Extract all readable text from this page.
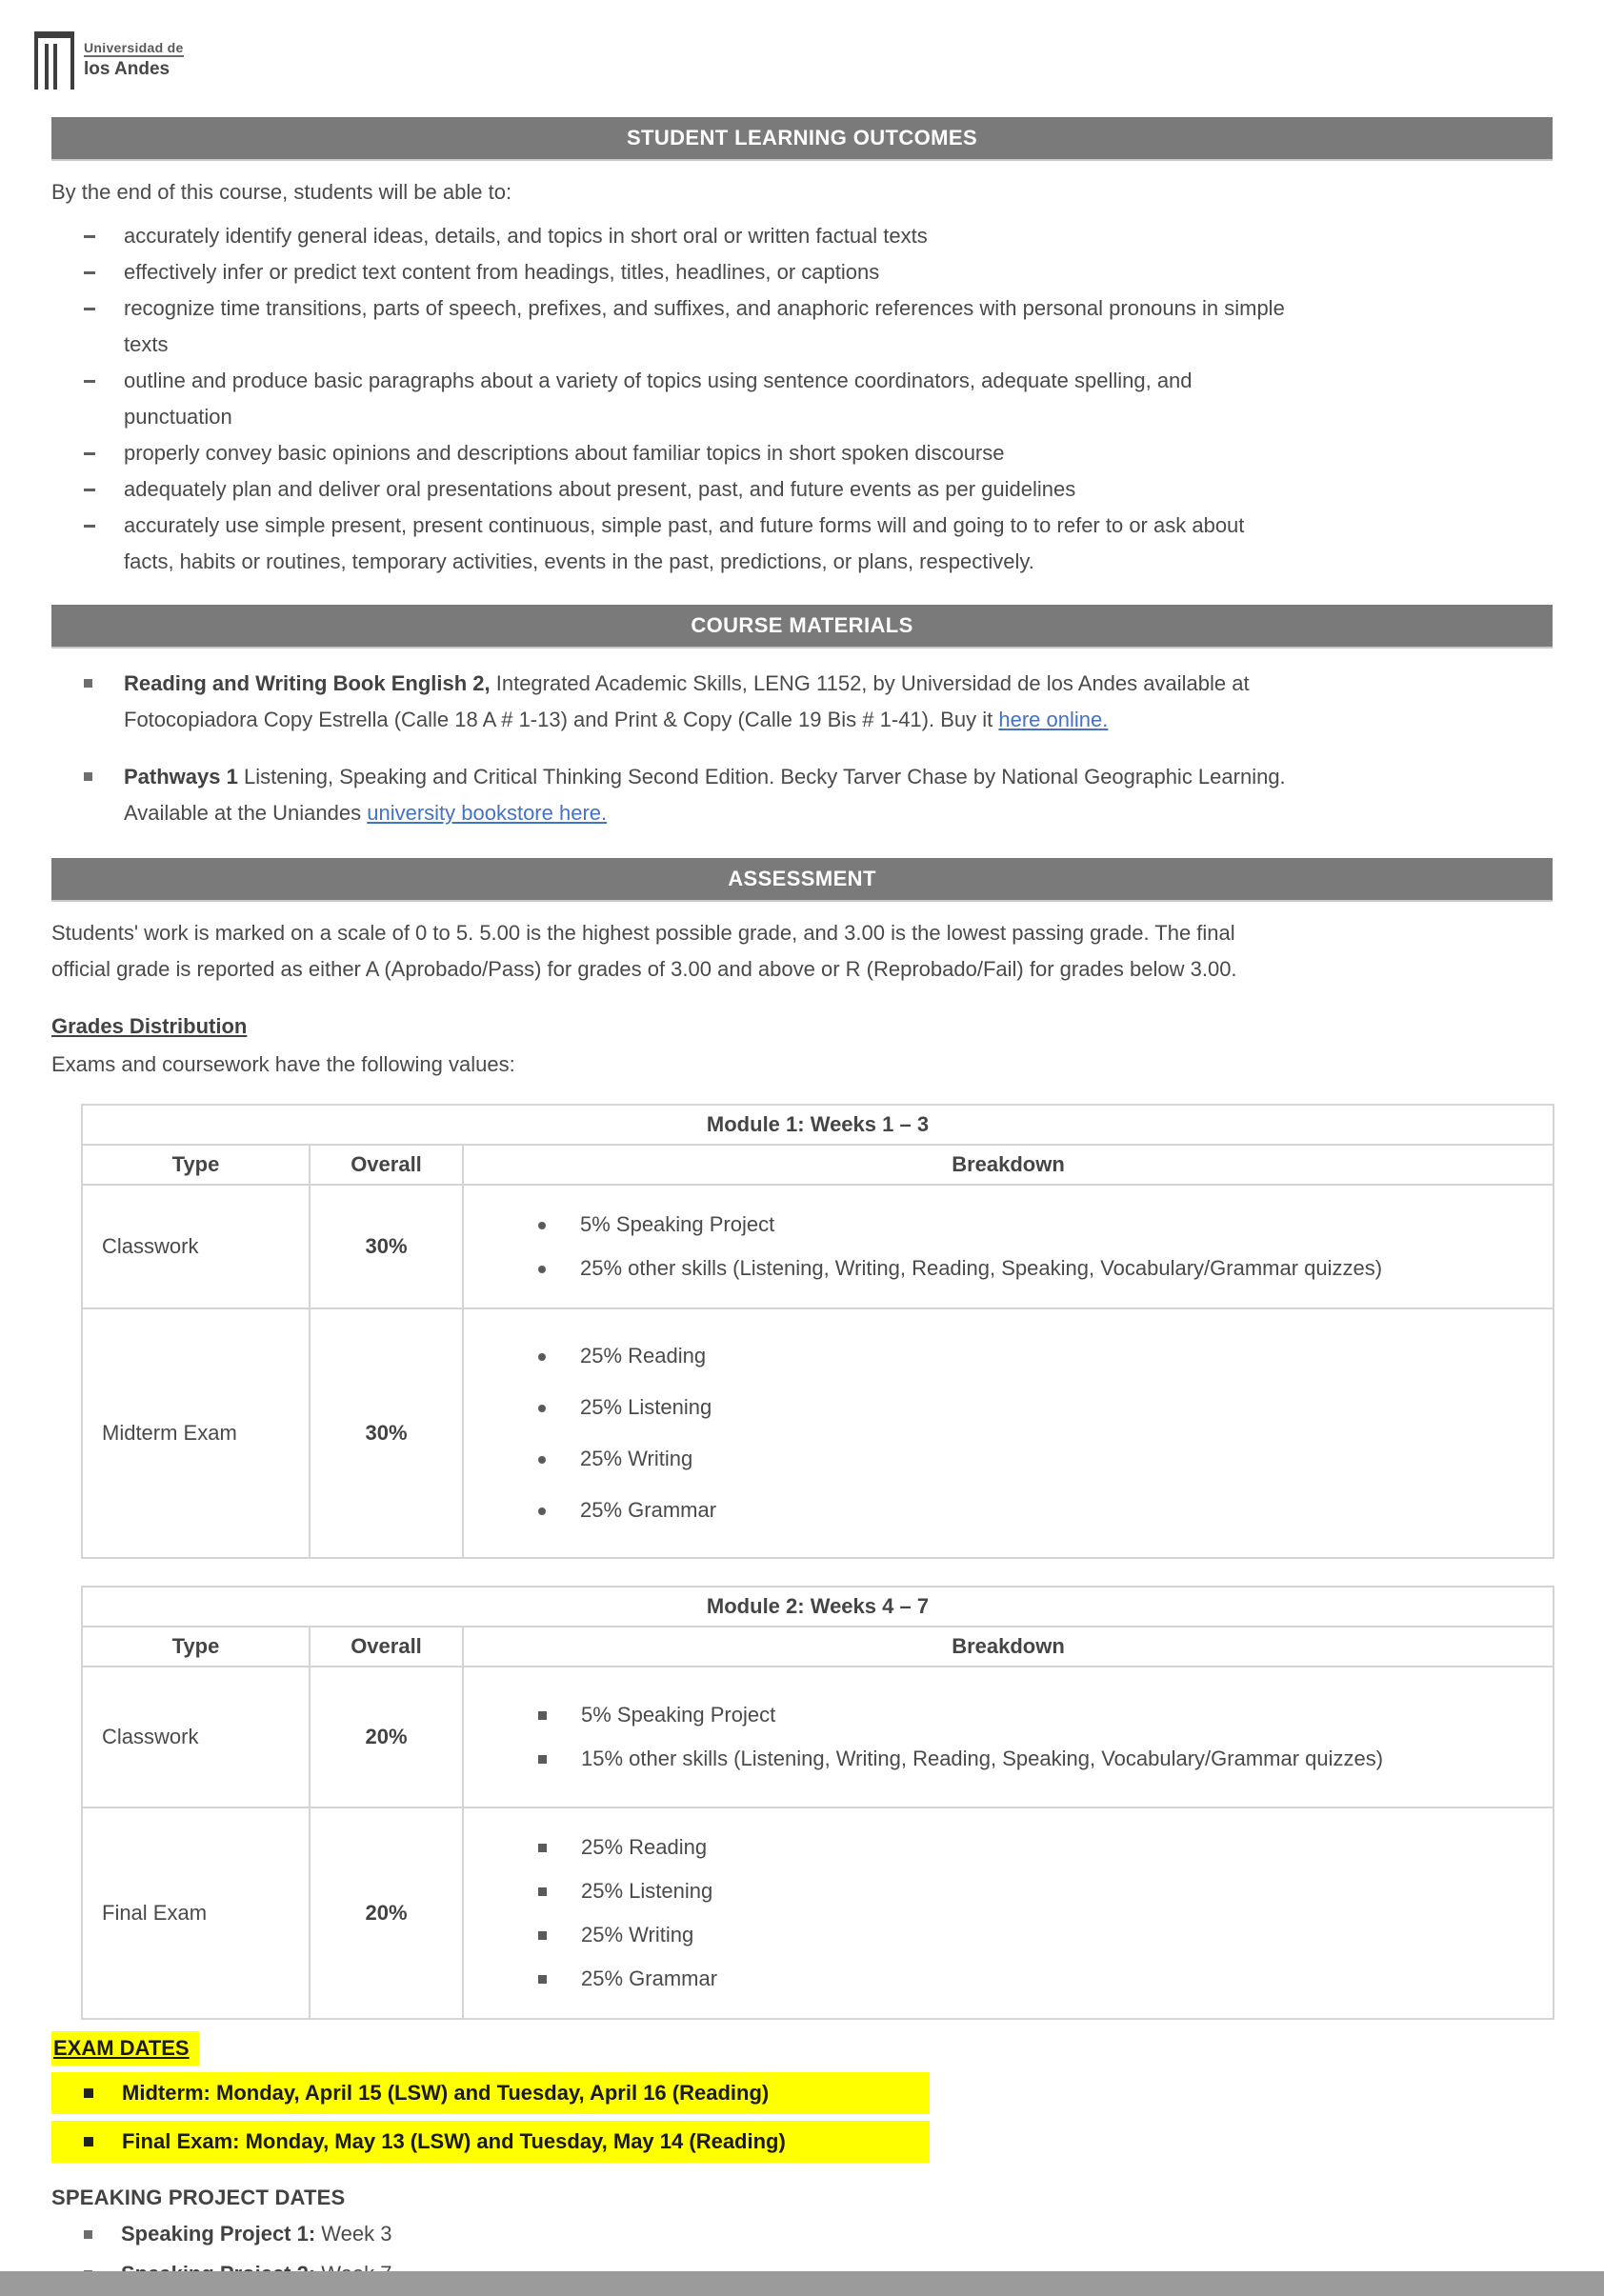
Universidad de
los Andes
STUDENT LEARNING OUTCOMES

By the end of this course, students will be able to:

accurately identify general ideas, details, and topics in short oral or written factual texts
effectively infer or predict text content from headings, titles, headlines, or captions
recognize time transitions, parts of speech, prefixes, and suffixes, and anaphoric references with personal pronouns in simple texts
outline and produce basic paragraphs about a variety of topics using sentence coordinators, adequate spelling, and punctuation
properly convey basic opinions and descriptions about familiar topics in short spoken discourse
adequately plan and deliver oral presentations about present, past, and future events as per guidelines
accurately use simple present, present continuous, simple past, and future forms will and going to to refer to or ask about facts, habits or routines, temporary activities, events in the past, predictions, or plans, respectively.
COURSE MATERIALS
Reading and Writing Book English 2, Integrated Academic Skills, LENG 1152, by Universidad de los Andes available at Fotocopiadora Copy Estrella (Calle 18 A # 1-13) and Print & Copy (Calle 19 Bis # 1-41). Buy it here online.
Pathways 1 Listening, Speaking and Critical Thinking Second Edition. Becky Tarver Chase by National Geographic Learning. Available at the Uniandes university bookstore here.
ASSESSMENT

Students' work is marked on a scale of 0 to 5. 5.00 is the highest possible grade, and 3.00 is the lowest passing grade. The final official grade is reported as either A (Aprobado/Pass) for grades of 3.00 and above or R (Reprobado/Fail) for grades below 3.00.

Grades Distribution

Exams and coursework have the following values:

Module 1: Weeks 1 – 3		
Type	Overall	Breakdown
Classwork	30%	5% Speaking Project
25% other skills (Listening, Writing, Reading, Speaking, Vocabulary/Grammar quizzes)

Midterm Exam	30%	25% Reading
25% Listening
25% Writing
25% Grammar
Module 2: Weeks 4 – 7		
Type	Overall	Breakdown
Classwork	20%	5% Speaking Project
15% other skills (Listening, Writing, Reading, Speaking, Vocabulary/Grammar quizzes)

Final Exam	20%	25% Reading
25% Listening
25% Writing
25% Grammar
EXAM DATES
Midterm: Monday, April 15 (LSW) and Tuesday, April 16 (Reading)
Final Exam: Monday, May 13 (LSW) and Tuesday, May 14 (Reading)
SPEAKING PROJECT DATES
Speaking Project 1: Week 3
